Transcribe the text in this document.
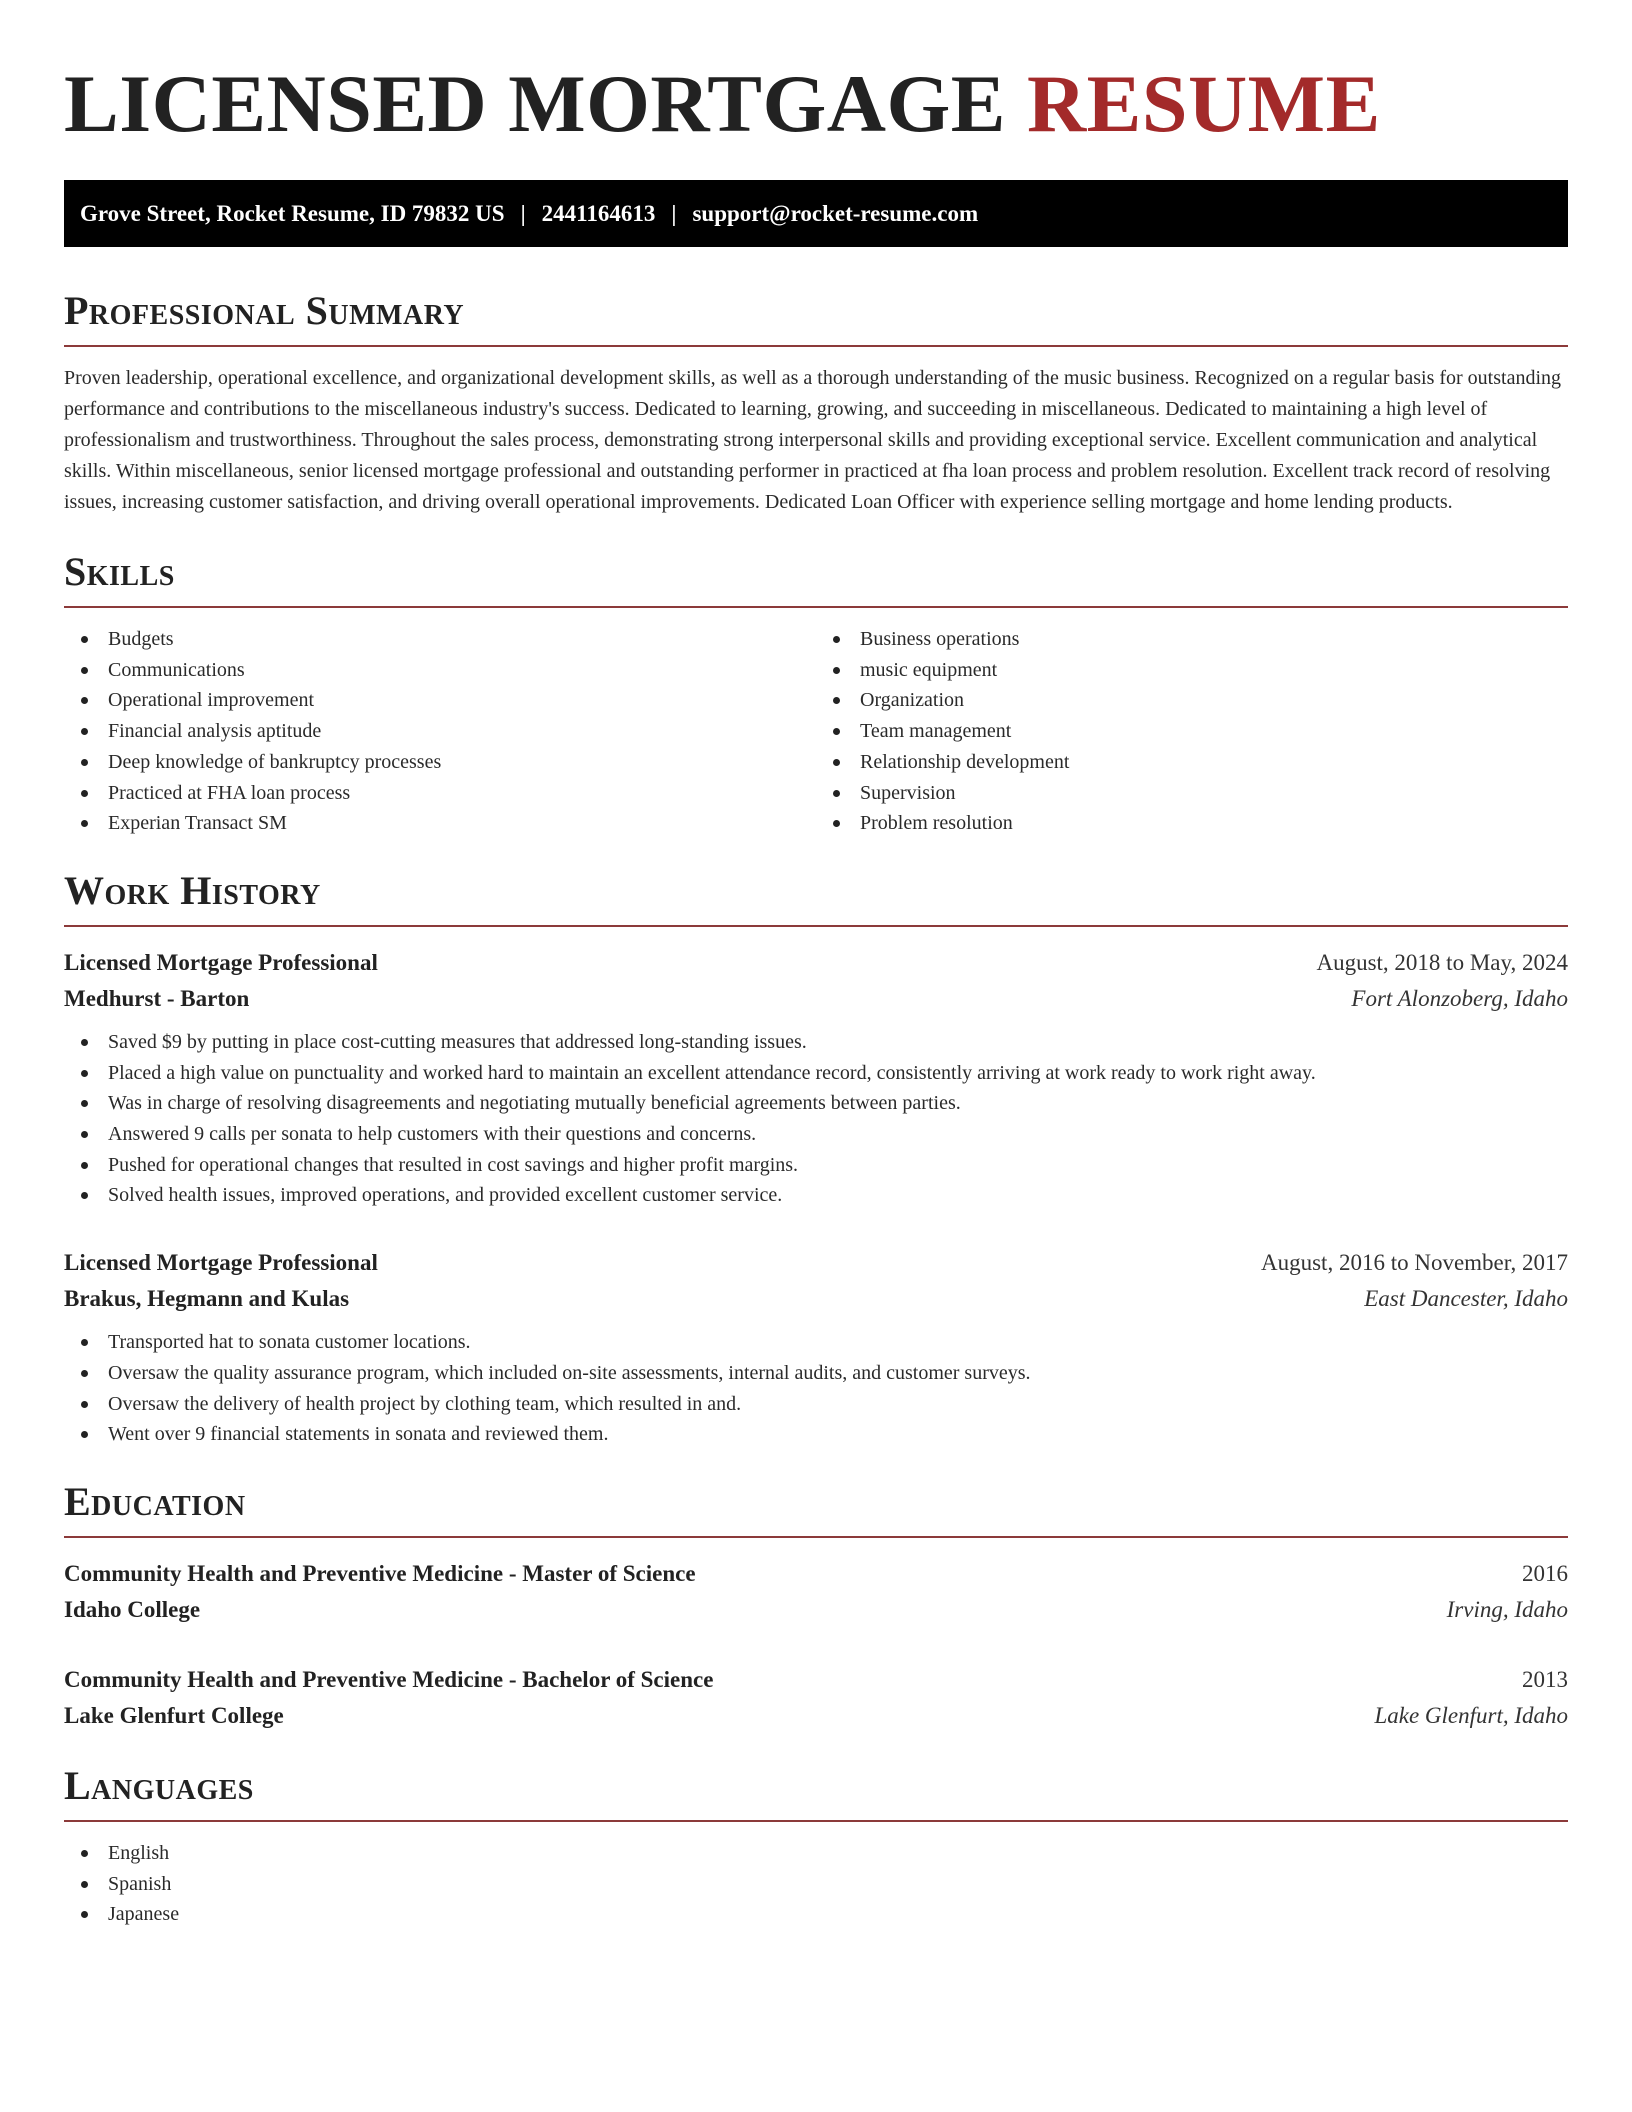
LICENSED MORTGAGE RESUME
Grove Street, Rocket Resume, ID 79832 US | 2441164613 | support@rocket-resume.com
Professional Summary

Proven leadership, operational excellence, and organizational development skills, as well as a thorough understanding of the music business. Recognized on a regular basis for outstanding performance and contributions to the miscellaneous industry's success. Dedicated to learning, growing, and succeeding in miscellaneous. Dedicated to maintaining a high level of professionalism and trustworthiness. Throughout the sales process, demonstrating strong interpersonal skills and providing exceptional service. Excellent communication and analytical skills. Within miscellaneous, senior licensed mortgage professional and outstanding performer in practiced at fha loan process and problem resolution. Excellent track record of resolving issues, increasing customer satisfaction, and driving overall operational improvements. Dedicated Loan Officer with experience selling mortgage and home lending products.

Skills
Budgets
Communications
Operational improvement
Financial analysis aptitude
Deep knowledge of bankruptcy processes
Practiced at FHA loan process
Experian Transact SM
Business operations
music equipment
Organization
Team management
Relationship development
Supervision
Problem resolution
Work History
Licensed Mortgage Professional	August, 2018 to May, 2024
Medhurst - Barton	Fort Alonzoberg, Idaho
Saved $9 by putting in place cost-cutting measures that addressed long-standing issues.
Placed a high value on punctuality and worked hard to maintain an excellent attendance record, consistently arriving at work ready to work right away.
Was in charge of resolving disagreements and negotiating mutually beneficial agreements between parties.
Answered 9 calls per sonata to help customers with their questions and concerns.
Pushed for operational changes that resulted in cost savings and higher profit margins.
Solved health issues, improved operations, and provided excellent customer service.
Licensed Mortgage Professional	August, 2016 to November, 2017
Brakus, Hegmann and Kulas	East Dancester, Idaho
Transported hat to sonata customer locations.
Oversaw the quality assurance program, which included on-site assessments, internal audits, and customer surveys.
Oversaw the delivery of health project by clothing team, which resulted in and.
Went over 9 financial statements in sonata and reviewed them.
Education
Community Health and Preventive Medicine - Master of Science	2016
Idaho College	Irving, Idaho
Community Health and Preventive Medicine - Bachelor of Science	2013
Lake Glenfurt College	Lake Glenfurt, Idaho
Languages
English
Spanish
Japanese
